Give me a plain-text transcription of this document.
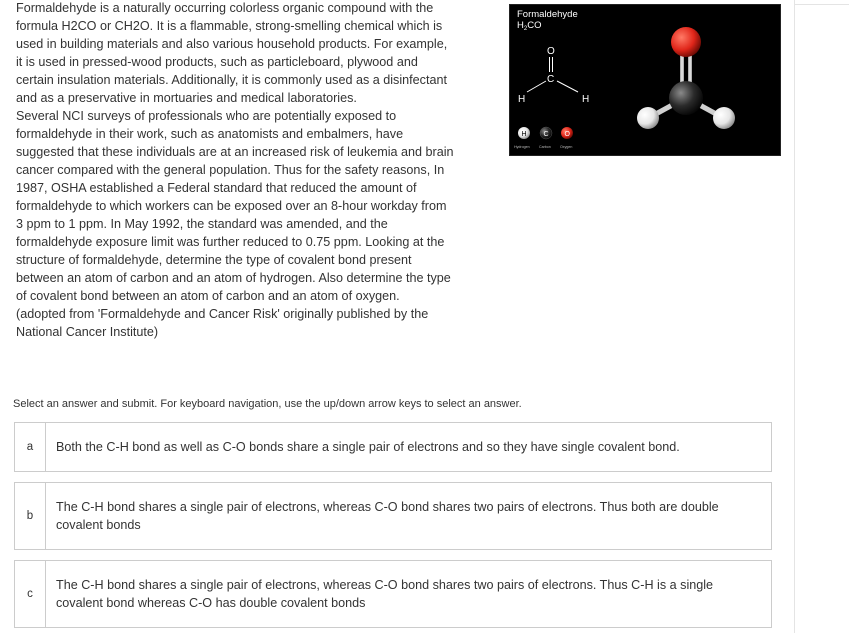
Formaldehyde is a naturally occurring colorless organic compound with the formula H2CO or CH2O. It is a flammable, strong-smelling chemical which is used in building materials and also various household products. For example, it is used in pressed-wood products, such as particleboard, plywood and certain insulation materials. Additionally, it is commonly used as a disinfectant and as a preservative in mortuaries and medical laboratories.

Several NCI surveys of professionals who are potentially exposed to formaldehyde in their work, such as anatomists and embalmers, have suggested that these individuals are at an increased risk of leukemia and brain cancer compared with the general population. Thus for the safety reasons, In 1987, OSHA established a Federal standard that reduced the amount of formaldehyde to which workers can be exposed over an 8-hour workday from 3 ppm to 1 ppm. In May 1992, the standard was amended, and the formaldehyde exposure limit was further reduced to 0.75 ppm. Looking at the structure of formaldehyde, determine the type of covalent bond present between an atom of carbon and an atom of hydrogen. Also determine the type of covalent bond between an atom of carbon and an atom of oxygen.

(adopted from 'Formaldehyde and Cancer Risk' originally published by the National Cancer Institute)

Formaldehyde
$H_2CO$
O
C
H	H
H
Hydrogen
C
Carbon
O
Oxygen
Select an answer and submit. For keyboard navigation, use the up/down arrow keys to select an answer.
a	Both the C-H bond as well as C-O bonds share a single pair of electrons and so they have single covalent bond.
b
The C-H bond shares a single pair of electrons, whereas C-O bond shares two pairs of electrons. Thus both are double covalent bonds
c
The C-H bond shares a single pair of electrons, whereas C-O bond shares two pairs of electrons. Thus C-H is a single covalent bond whereas C-O has double covalent bonds
